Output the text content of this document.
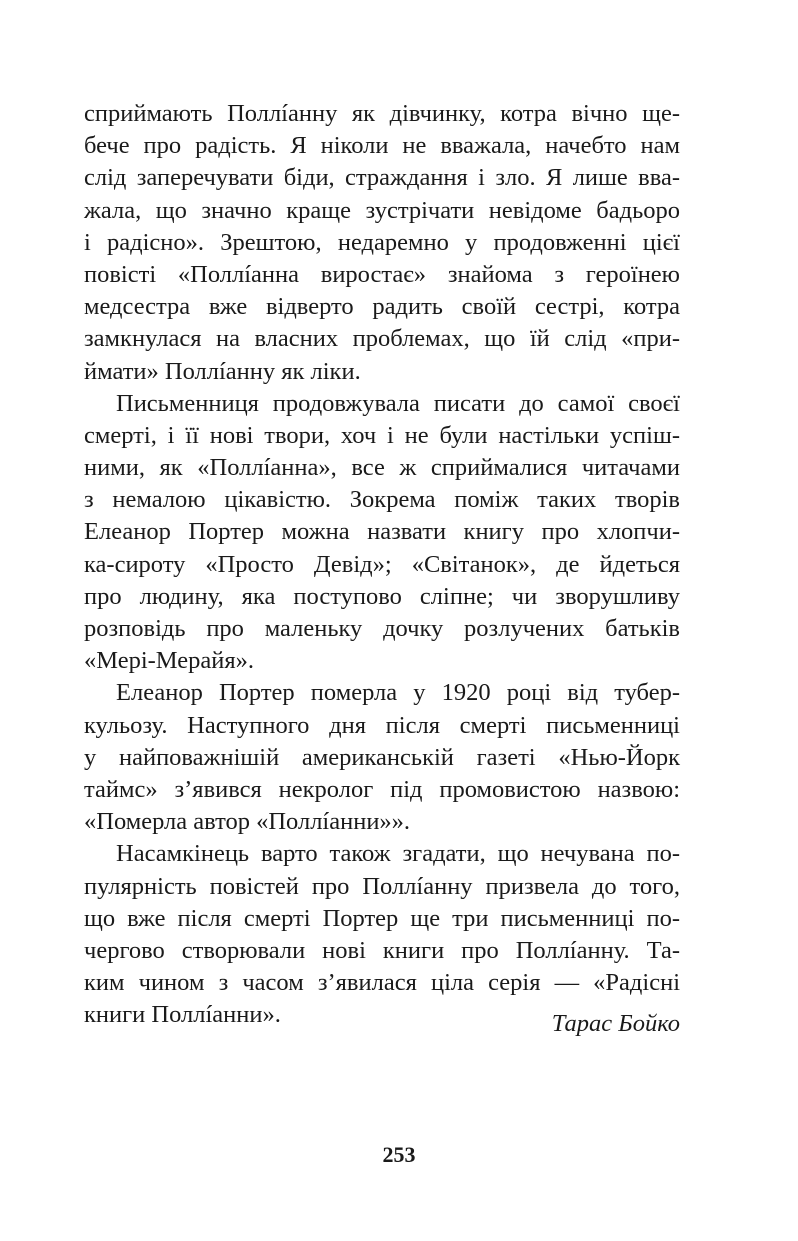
сприймають Поллíанну як дівчинку, котра вічно ще-
бече про радість. Я ніколи не вважала, начебто нам
слід заперечувати біди, страждання і зло. Я лише вва-
жала, що значно краще зустрічати невідоме бадьоро
і радісно». Зрештою, недаремно у продовженні цієї
повісті «Поллíанна виростає» знайома з героїнею
медсестра вже відверто радить своїй сестрі, котра
замкнулася на власних проблемах, що їй слід «при-
ймати» Поллíанну як ліки.
Письменниця продовжувала писати до самої своєї
смерті, і її нові твори, хоч і не були настільки успіш-
ними, як «Поллíанна», все ж сприймалися читачами
з немалою цікавістю. Зокрема поміж таких творів
Елеанор Портер можна назвати книгу про хлопчи-
ка-сироту «Просто Девід»; «Світанок», де йдеться
про людину, яка поступово сліпне; чи зворушливу
розповідь про маленьку дочку розлучених батьків
«Мері-Мерайя».
Елеанор Портер померла у 1920 році від тубер-
кульозу. Наступного дня після смерті письменниці
у найповажнішій американській газеті «Нью-Йорк
таймс» з’явився некролог під промовистою назвою:
«Померла автор «Поллíанни»».
Насамкінець варто також згадати, що нечувана по-
пулярність повістей про Поллíанну призвела до того,
що вже після смерті Портер ще три письменниці по-
чергово створювали нові книги про Поллíанну. Та-
ким чином з часом з’явилася ціла серія — «Радісні
книги Поллíанни».	Тарас Бойко
253
